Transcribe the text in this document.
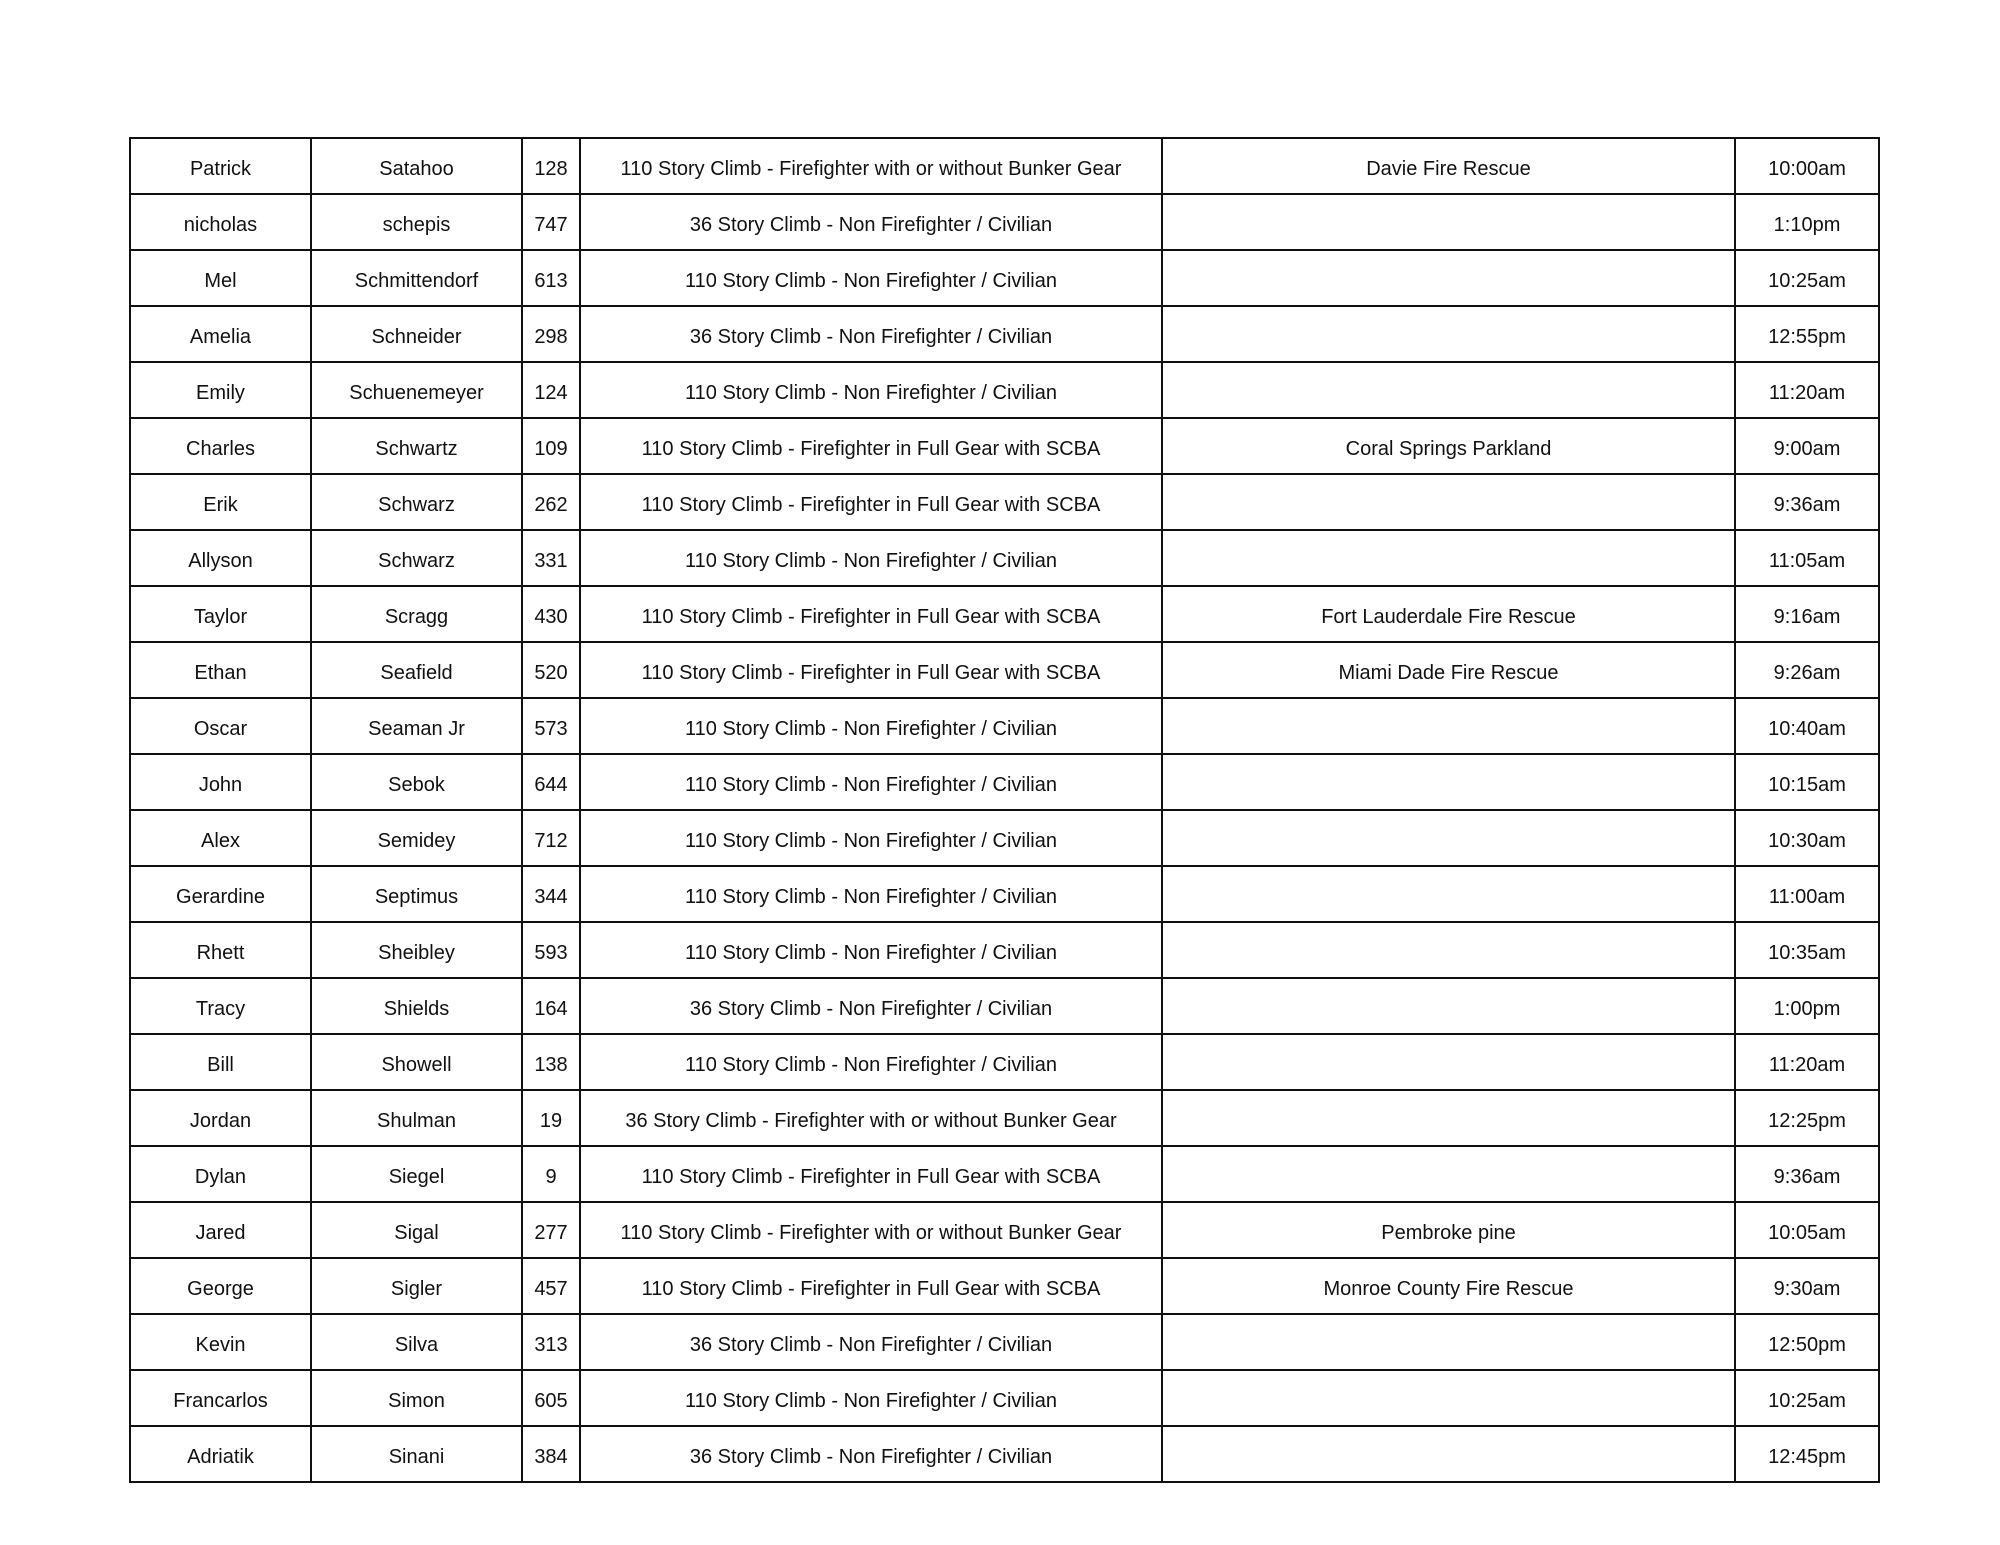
Patrick	Satahoo	128	110 Story Climb - Firefighter with or without Bunker Gear	Davie Fire Rescue	10:00am
nicholas	schepis	747	36 Story Climb - Non Firefighter / Civilian		1:10pm
Mel	Schmittendorf	613	110 Story Climb - Non Firefighter / Civilian		10:25am
Amelia	Schneider	298	36 Story Climb - Non Firefighter / Civilian		12:55pm
Emily	Schuenemeyer	124	110 Story Climb - Non Firefighter / Civilian		11:20am
Charles	Schwartz	109	110 Story Climb - Firefighter in Full Gear with SCBA	Coral Springs Parkland	9:00am
Erik	Schwarz	262	110 Story Climb - Firefighter in Full Gear with SCBA		9:36am
Allyson	Schwarz	331	110 Story Climb - Non Firefighter / Civilian		11:05am
Taylor	Scragg	430	110 Story Climb - Firefighter in Full Gear with SCBA	Fort Lauderdale Fire Rescue	9:16am
Ethan	Seafield	520	110 Story Climb - Firefighter in Full Gear with SCBA	Miami Dade Fire Rescue	9:26am
Oscar	Seaman Jr	573	110 Story Climb - Non Firefighter / Civilian		10:40am
John	Sebok	644	110 Story Climb - Non Firefighter / Civilian		10:15am
Alex	Semidey	712	110 Story Climb - Non Firefighter / Civilian		10:30am
Gerardine	Septimus	344	110 Story Climb - Non Firefighter / Civilian		11:00am
Rhett	Sheibley	593	110 Story Climb - Non Firefighter / Civilian		10:35am
Tracy	Shields	164	36 Story Climb - Non Firefighter / Civilian		1:00pm
Bill	Showell	138	110 Story Climb - Non Firefighter / Civilian		11:20am
Jordan	Shulman	19	36 Story Climb - Firefighter with or without Bunker Gear		12:25pm
Dylan	Siegel	9	110 Story Climb - Firefighter in Full Gear with SCBA		9:36am
Jared	Sigal	277	110 Story Climb - Firefighter with or without Bunker Gear	Pembroke pine	10:05am
George	Sigler	457	110 Story Climb - Firefighter in Full Gear with SCBA	Monroe County Fire Rescue	9:30am
Kevin	Silva	313	36 Story Climb - Non Firefighter / Civilian		12:50pm
Francarlos	Simon	605	110 Story Climb - Non Firefighter / Civilian		10:25am
Adriatik	Sinani	384	36 Story Climb - Non Firefighter / Civilian		12:45pm
